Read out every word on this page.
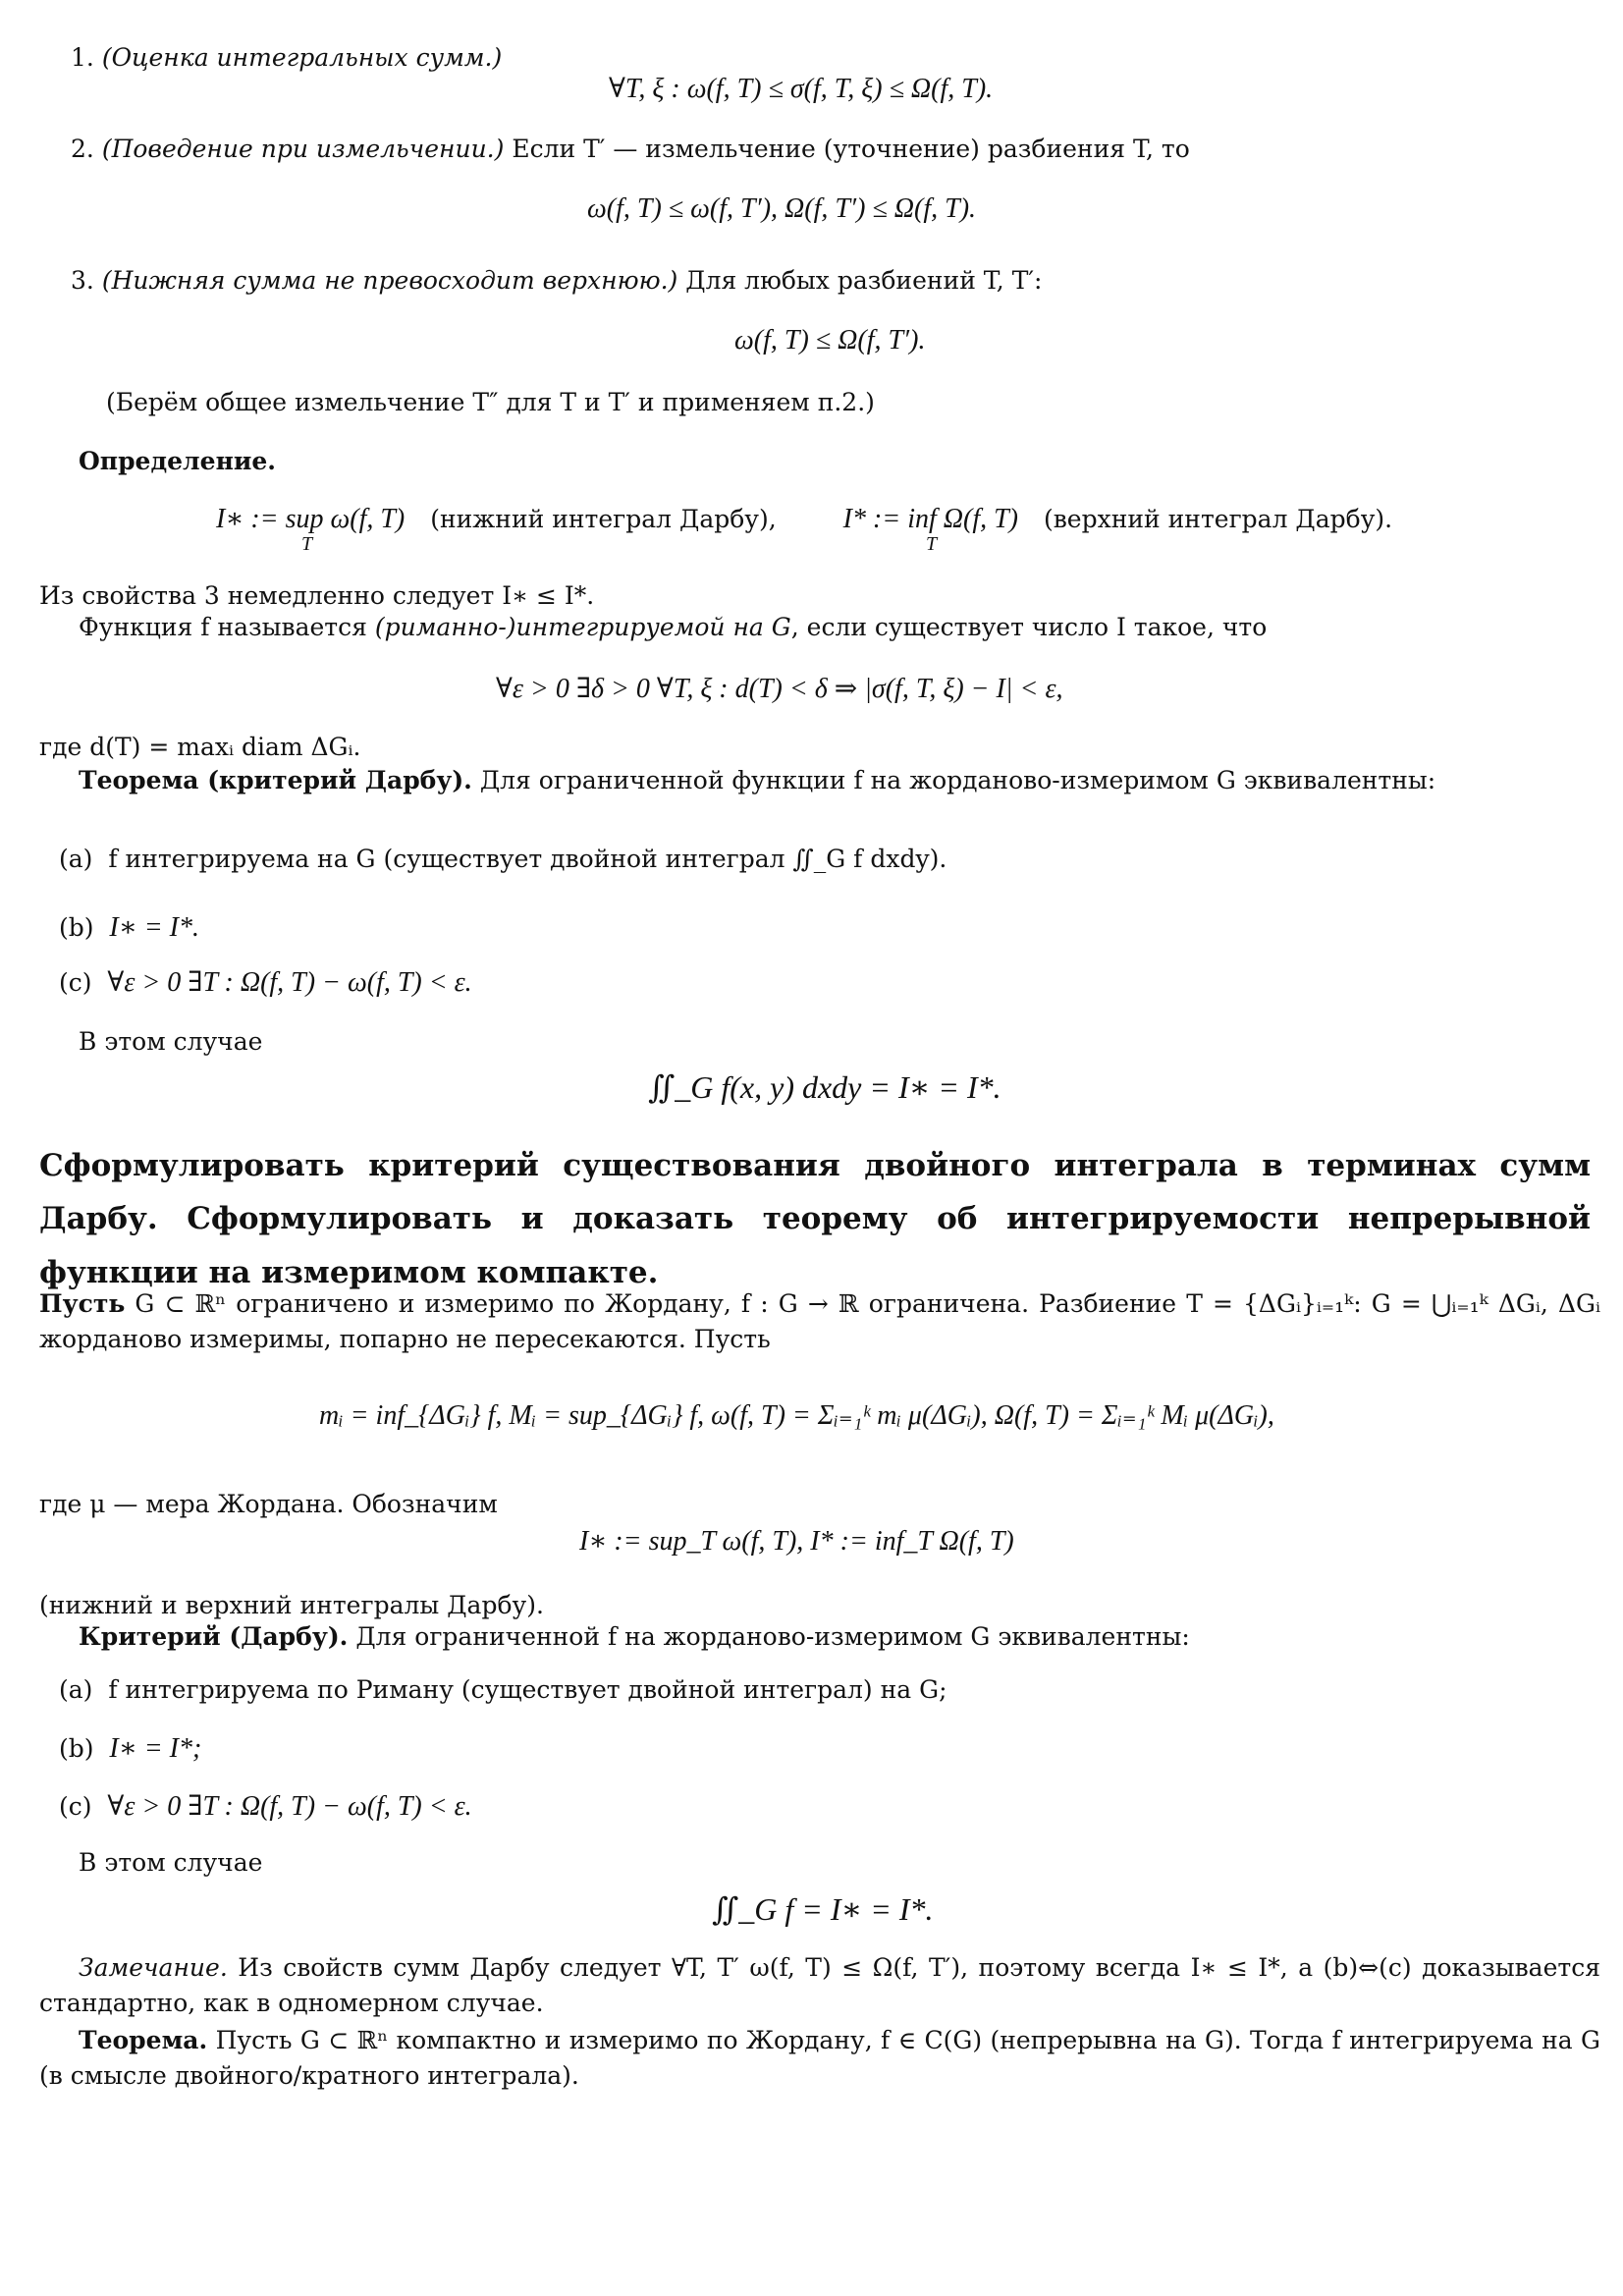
1. (Оценка интегральных сумм.)
∀T, ξ : ω(f, T) ≤ σ(f, T, ξ) ≤ Ω(f, T).
2. (Поведение при измельчении.) Если T′ — измельчение (уточнение) разбиения T, то
ω(f, T) ≤ ω(f, T′), Ω(f, T′) ≤ Ω(f, T).
3. (Нижняя сумма не превосходит верхнюю.) Для любых разбиений T, T′:
ω(f, T) ≤ Ω(f, T′).
(Берём общее измельчение T″ для T и T′ и применяем п.2.)
Определение.
I∗ := sup ω(f, T) (нижний интеграл Дарбу), I* := inf Ω(f, T) (верхний интеграл Дарбу).
T	T
Из свойства 3 немедленно следует I∗ ≤ I*.
Функция f называется (риманно-)интегрируемой на G, если существует число I такое, что
∀ε > 0 ∃δ > 0 ∀T, ξ : d(T) < δ ⇒ |σ(f, T, ξ) − I| < ε,
где d(T) = maxᵢ diam ΔGᵢ.
Теорема (критерий Дарбу). Для ограниченной функции f на жорданово-измеримом G эквивалентны:
(a) f интегрируема на G (существует двойной интеграл ∬_G f dxdy).
(b) I∗ = I*.
(c) ∀ε > 0 ∃T : Ω(f, T) − ω(f, T) < ε.
В этом случае
∬_G f(x, y) dxdy = I∗ = I*.
Сформулировать критерий существования двойного интеграла в терминах сумм Дарбу. Сформулировать и доказать теорему об интегрируемости непрерывной функции на измеримом компакте.
Пусть G ⊂ ℝⁿ ограничено и измеримо по Жордану, f : G → ℝ ограничена. Разбиение T = {ΔGᵢ}ᵢ₌₁ᵏ: G = ⋃ᵢ₌₁ᵏ ΔGᵢ, ΔGᵢ жорданово измеримы, попарно не пересекаются. Пусть
mᵢ = inf_{ΔGᵢ} f, Mᵢ = sup_{ΔGᵢ} f, ω(f, T) = Σᵢ₌₁ᵏ mᵢ μ(ΔGᵢ), Ω(f, T) = Σᵢ₌₁ᵏ Mᵢ μ(ΔGᵢ),
где μ — мера Жордана. Обозначим
I∗ := sup_T ω(f, T), I* := inf_T Ω(f, T)
(нижний и верхний интегралы Дарбу).
Критерий (Дарбу). Для ограниченной f на жорданово-измеримом G эквивалентны:
(a) f интегрируема по Риману (существует двойной интеграл) на G;
(b) I∗ = I*;
(c) ∀ε > 0 ∃T : Ω(f, T) − ω(f, T) < ε.
В этом случае
∬_G f = I∗ = I*.
Замечание. Из свойств сумм Дарбу следует ∀T, T′ ω(f, T) ≤ Ω(f, T′), поэтому всегда I∗ ≤ I*, а (b)⇔(c) доказывается стандартно, как в одномерном случае.
Теорема. Пусть G ⊂ ℝⁿ компактно и измеримо по Жордану, f ∈ C(G) (непрерывна на G). Тогда f интегрируема на G (в смысле двойного/кратного интеграла).
